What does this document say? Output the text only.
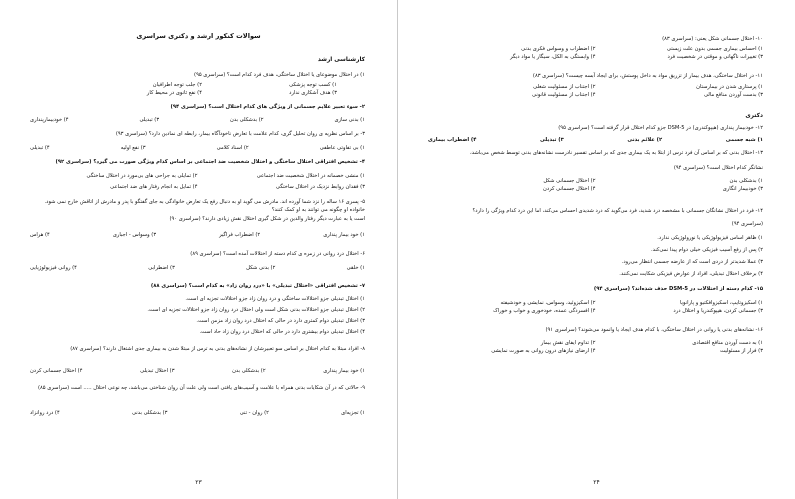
سوالات کنکور ارشد و دکتری سراسری
کارشناسی ارشد
۱) در اختلال موضوعای یا اختلال ساختگی، هدف فرد کدام است؟ (سراسری ۹۵)
۱) کسب توجه پزشکی
۲) جلب توجه اطرافیان
۳) هدف آشکاری ندارد
۴) نفع ثانوی در محیط کار
۲- سوء تعبیر علایم جسمانی از ویژگی های کدام اختلال است؟ (سراسری ۹۴)
۱) بدنی سازی
۲) بدشکلی بدن
۳) تبدیلی
۴) خودبیمارپنداری
۳- بر اساس نظریه ی روان تحلیل گری، کدام علامت با تعارض ناخودآگاه بیمار، رابطه ای نمادین دارد؟ (سراسری ۹۳)
۱) بی تفاوتی عاطفی
۲) اسناد کلامی
۳) نفع اولیه
۴) تبدیلی
۴- تشخیص افتراقی اختلال ساختگی و اختلال شخصیت ضد اجتماعی بر اساس کدام ویژگی صورت می گیرد؟ (سراسری ۹۲)
۱) منشی خصمانه در اختلال شخصیت ضد اجتماعی
۲) تمایلی به جراحی های بی‌مورد در اختلال ساختگی
۳) فقدان روابط نزدیک در اختلال ساختگی
۴) تمایل به انجام رفتار های ضد اجتماعی
۵- پسری ۱۶ ساله را نزد شما آورده اند. مادرش می گوید او به دنبال رفع یک تعارض خانوادگی به جای گفتگو با پدر و مادرش از اتاقش خارج نمی شود. خانواده او چگونه می توانند به او کمک کنند؟
است یا به عبارت دیگر رفتار والدین در شکل گیری اختلال نقش زیادی دارند؟ (سراسری ۹۰)
۱) خود بیمار پنداری
۲) اضطراب فراگیر
۳) وسواس - اجباری
۴) هراس
۶- اختلال درد روانی در زمره ی کدام دسته از اختلالات آمده است؟ (سراسری ۸۹)
۱) خلقی
۲) بدنی شکل
۳) اضطرابی
۴) روانی فیزیولوژیایی
۷- تشخیص افتراقی «اختلال تبدیلی» با «درد روان زاد» به کدام است؟ (سراسری ۸۸)
۱) اختلال تبدیلی جزو اختلالات ساختگی و درد روان زاد جزو اختلالات تجزیه ای است.
۲) اختلال تبدیلی جزو اختلالات بدنی شکل است ولی اختلال درد روان زاد جزو اختلالات تجزیه ای است.
۳) اختلال تبدیلی دوام کمتری دارد در حالی که اختلال درد روان زاد مزمن است.
۴) اختلال تبدیلی دوام بیشتری دارد در حالی که اختلال درد روان زاد حاد است.
۸- افراد مبتلا به کدام اختلال بر اساس سو تعبیرشان از نشانه‌های بدنی به ترس از مبتلا شدن به بیماری جدی اشتغال دارند؟ (سراسری ۸۷)
۱) خود بیمار پنداری
۲) بدشکلی بدن
۳) اختلال تبدیلی
۴) اختلال جسمانی کردن
۹- حالاتی که در آن شکایات بدنی همراه با علامت و آسیب‌های یافتی است ولی علت آن روان شناختی می‌باشد، چه نوعی اختلال ..... است (سراسری ۸۵)
۱) تجزیه‌ای
۲) روان - تنی
۳) بدشکلی بدنی
۴) درد روانزاد
۲۳
۱۰- اختلال جسمانی شکل یعنی: (سراسری ۸۳)
۱) احساس بیماری جسمی بدون علت زیستی
۲) اضطراب و وسواس فکری بدنی
۳) تغییرات ناگهانی و موقتی در شخصیت فرد
۴) وابستگی به الکل، سیگار یا مواد دیگر
۱۱- در اختلال ساختگی، هدف بیمار از تزریق مواد به داخل پوستش، برای ایجاد آبسه چیست؟ (سراسری ۸۳)
۱) پرستاری شدن در بیمارستان
۲) اجتناب از مسئولیت شغلی
۳) بدست آوردن منافع مالی
۴) اجتناب از مسئولیت قانونی
دکتری
۱۲- خودبیمار پنداری (هیپوکندری) در DSM-5 جزو کدام اختلال قرار گرفته است؟ (سراسری ۹۵)
۱) شبه جسمی
۲) علائم بدنی
۳) تبدیلی
۴) اضطراب بیماری
۱۳- اختلال بدنی که بر اساس آن فرد ترس از ابتلا به یک بیماری جدی که بر اساس تفسیر نادرست نشانه‌های بدنی توسط شخص می‌باشد،
نشانگر کدام اختلال است؟ (سراسری ۹۴)
۱) بدشکلی بدن
۲) اختلال جسمانی شکل
۳) خودبیمار انگاری
۴) اختلال جسمانی کردن
۱۴- فرد در اختلال نشانگان جسمانی با مشخصه درد شدید، فرد می‌گوید که درد شدیدی احساس می‌کند، اما این درد کدام ویژگی را دارد؟
(سراسری ۹۴)
۱) ظاهر اساس فیزیولوژیکی یا نورولوژیکی ندارد.
۲) پس از رفع آسیب فیزیکی خیلی دوام پیدا نمی‌کند.
۳) عملا شدیدتر از دردی است که از عارضه جسمی انتظار می‌رود.
۴) برخلاف اختلال تبدیلی، افراد از عوارض فیزیکی شکایت نمی‌کنند.
۱۵- کدام دسته از اختلالات در DSM-5 حذف شده‌اند؟ (سراسری ۹۴)
۱) اسکیزوتایپ، اسکیزوافکتیو و پارانویا
۲) اسکیزوئید، وسواس، نمایشی و خودشیفته
۳) جسمانی کردن، هیپوکندریا و اختلال درد
۴) افسردگی عمده، خودخوری و خواب و خوراک
۱۶- نشانه‌های بدنی یا روانی در اختلال ساختگی، با کدام هدف ایجاد یا وانمود می‌شوند؟ (سراسری ۹۱)
۱) به دست آوردن منافع اقتصادی
۲) تداوم ایفای نقش بیمار
۳) فرار از مسئولیت
۴) ارضای نیازهای درون روانی به صورت نمایشی
۲۴
